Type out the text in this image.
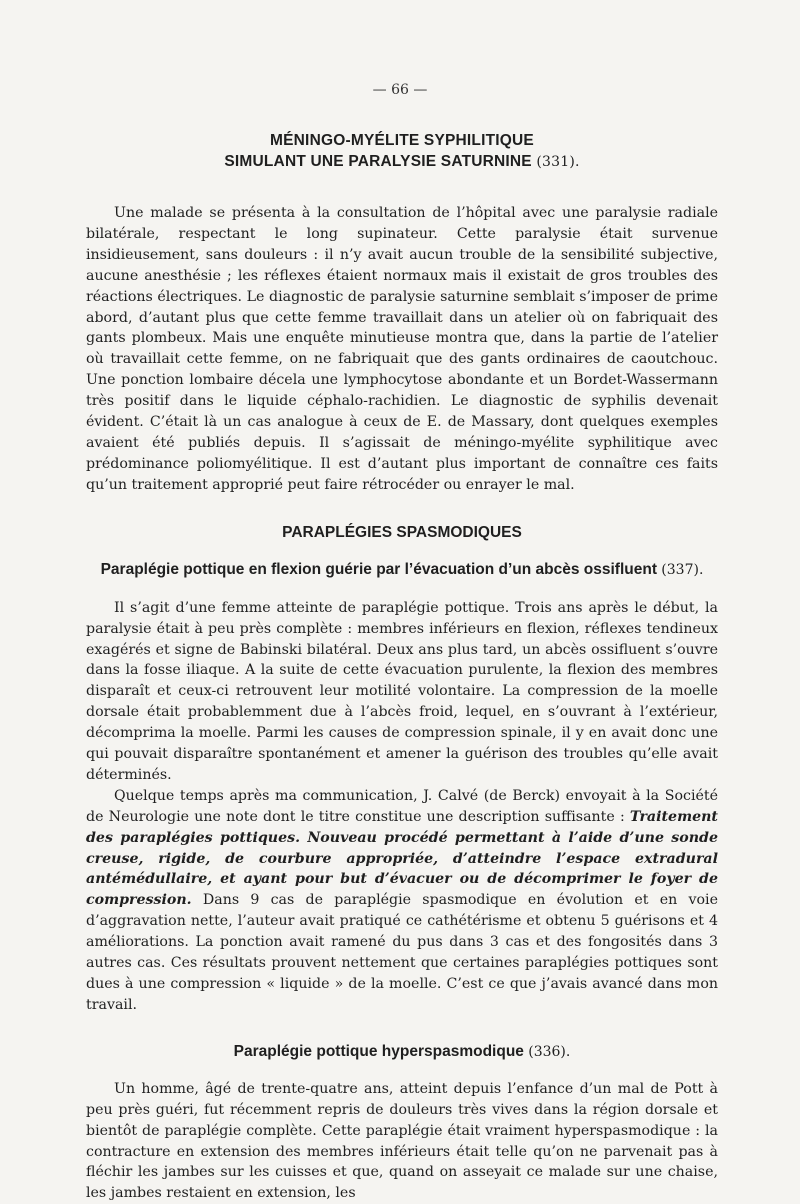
— 66 —
MÉNINGO-MYÉLITE SYPHILITIQUE
SIMULANT UNE PARALYSIE SATURNINE (331).

Une malade se présenta à la consultation de l’hôpital avec une paralysie radiale bilatérale, respectant le long supinateur. Cette paralysie était survenue insidieusement, sans douleurs : il n’y avait aucun trouble de la sensibilité subjective, aucune anesthésie ; les réflexes étaient normaux mais il existait de gros troubles des réactions électriques. Le diagnostic de paralysie saturnine semblait s’imposer de prime abord, d’autant plus que cette femme travaillait dans un atelier où on fabriquait des gants plombeux. Mais une enquête minutieuse montra que, dans la partie de l’atelier où travaillait cette femme, on ne fabriquait que des gants ordinaires de caoutchouc. Une ponction lombaire décela une lymphocytose abondante et un Bordet-Wassermann très positif dans le liquide céphalo-rachidien. Le diagnostic de syphilis devenait évident. C’était là un cas analogue à ceux de E. de Massary, dont quelques exemples avaient été publiés depuis. Il s’agissait de méningo-myélite syphilitique avec prédominance poliomyélitique. Il est d’autant plus important de connaître ces faits qu’un traitement approprié peut faire rétrocéder ou enrayer le mal.

PARAPLÉGIES SPASMODIQUES
Paraplégie pottique en flexion guérie par l’évacuation d’un abcès ossifluent (337).

Il s’agit d’une femme atteinte de paraplégie pottique. Trois ans après le début, la paralysie était à peu près complète : membres inférieurs en flexion, réflexes tendineux exagérés et signe de Babinski bilatéral. Deux ans plus tard, un abcès ossifluent s’ouvre dans la fosse iliaque. A la suite de cette évacuation purulente, la flexion des membres disparaît et ceux-ci retrouvent leur motilité volontaire. La compression de la moelle dorsale était probablemment due à l’abcès froid, lequel, en s’ouvrant à l’extérieur, décomprima la moelle. Parmi les causes de compression spinale, il y en avait donc une qui pouvait disparaître spontanément et amener la guérison des troubles qu’elle avait déterminés.

Quelque temps après ma communication, J. Calvé (de Berck) envoyait à la Société de Neurologie une note dont le titre constitue une description suffisante : Traitement des paraplégies pottiques. Nouveau procédé permettant à l’aide d’une sonde creuse, rigide, de courbure appropriée, d’atteindre l’espace extradural antémédullaire, et ayant pour but d’évacuer ou de décomprimer le foyer de compression. Dans 9 cas de paraplégie spasmodique en évolution et en voie d’aggravation nette, l’auteur avait pratiqué ce cathétérisme et obtenu 5 guérisons et 4 améliorations. La ponction avait ramené du pus dans 3 cas et des fongosités dans 3 autres cas. Ces résultats prouvent nettement que certaines paraplégies pottiques sont dues à une compression « liquide » de la moelle. C’est ce que j’avais avancé dans mon travail.

Paraplégie pottique hyperspasmodique (336).

Un homme, âgé de trente-quatre ans, atteint depuis l’enfance d’un mal de Pott à peu près guéri, fut récemment repris de douleurs très vives dans la région dorsale et bientôt de paraplégie complète. Cette paraplégie était vraiment hyperspasmodique : la contracture en extension des membres inférieurs était telle qu’on ne parvenait pas à fléchir les jambes sur les cuisses et que, quand on asseyait ce malade sur une chaise, les jambes restaient en extension, les
